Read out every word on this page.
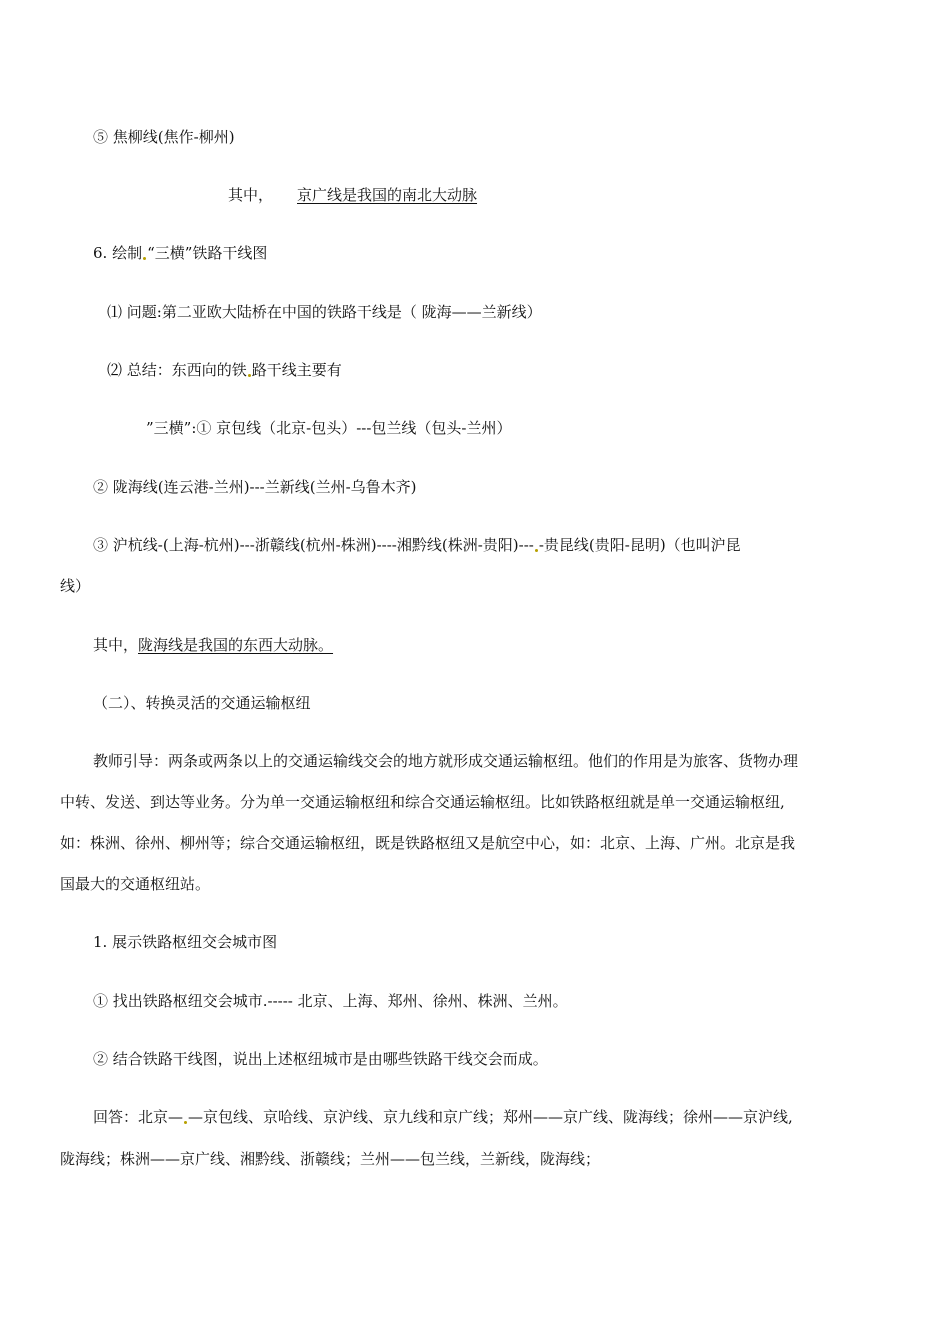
⑤ 焦柳线(焦作-柳州)
其中， 京广线是我国的南北大动脉
6. 绘制 “三横”铁路干线图
⑴ 问题:第二亚欧大陆桥在中国的铁路干线是（ 陇海——兰新线）
⑵ 总结：东西向的铁 路干线主要有
”三横”:① 京包线（北京-包头）---包兰线（包头-兰州）
② 陇海线(连云港-兰州)---兰新线(兰州-乌鲁木齐)
③ 沪杭线-(上海-杭州)---浙赣线(杭州-株洲)----湘黔线(株洲-贵阳)--- -贵昆线(贵阳-昆明)（也叫沪昆
线）
其中，陇海线是我国的东西大动脉。
（二）、转换灵活的交通运输枢纽
教师引导：两条或两条以上的交通运输线交会的地方就形成交通运输枢纽。他们的作用是为旅客、货物办理
中转、发送、到达等业务。分为单一交通运输枢纽和综合交通运输枢纽。比如铁路枢纽就是单一交通运输枢纽,
如：株洲、徐州、柳州等；综合交通运输枢纽，既是铁路枢纽又是航空中心，如：北京、上海、广州。北京是我
国最大的交通枢纽站。
1. 展示铁路枢纽交会城市图
① 找出铁路枢纽交会城市.----- 北京、上海、郑州、徐州、株洲、兰州。
② 结合铁路干线图，说出上述枢纽城市是由哪些铁路干线交会而成。
回答：北京— —京包线、京哈线、京沪线、京九线和京广线；郑州——京广线、陇海线；徐州——京沪线,
陇海线；株洲——京广线、湘黔线、浙赣线；兰州——包兰线，兰新线，陇海线；
